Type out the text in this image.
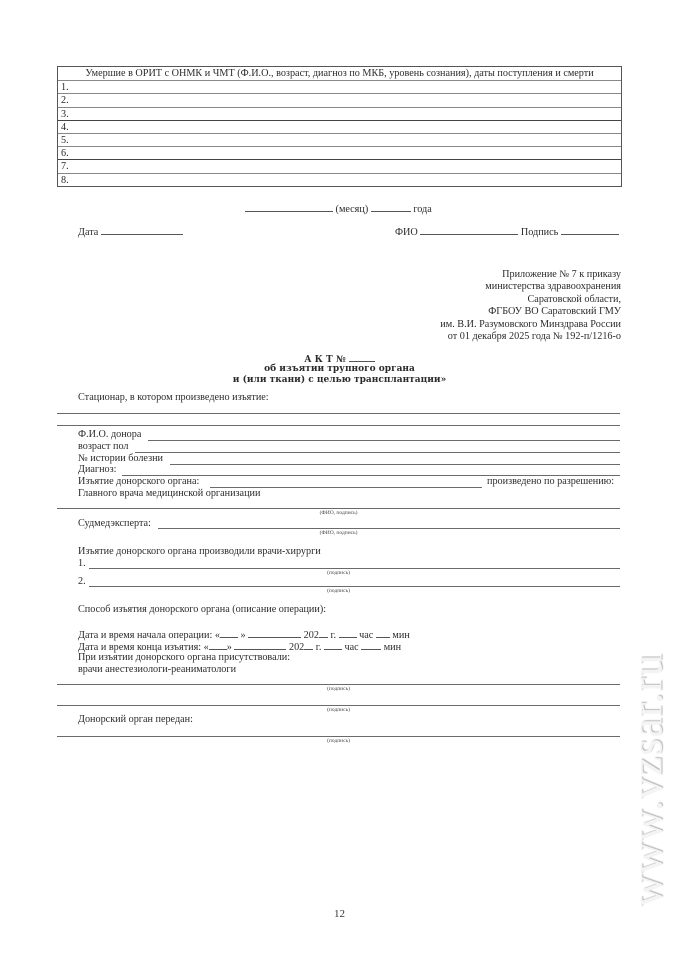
Умершие в ОРИТ с ОНМК и ЧМТ (Ф.И.О., возраст, диагноз по МКБ, уровень сознания), даты поступления и смерти
1.
2.
3.
4.
5.
6.
7.
8.
(месяц)	года
Дата	ФИО	Подпись
Приложение № 7 к приказу
министерства здравоохранения
Саратовской области,
ФГБОУ ВО Саратовский ГМУ
им. В.И. Разумовского Минздрава России
от 01 декабря 2025 года № 192-п/1216-о
А К Т №
об изъятии трупного органа
и (или ткани) с целью трансплантации»
Стационар, в котором произведено изъятие:
Ф.И.О. донора
возраст пол
№ истории болезни
Диагноз:
Изъятие донорского органа:	произведено по разрешению:
Главного врача медицинской организации
(ФИО, подпись)
Судмедэксперта:
(ФИО, подпись)
Изъятие донорского органа производили врачи-хирурги
1.
(подпись)
2.
(подпись)
Способ изъятия донорского органа (описание операции):
Дата и время начала операции: « »	202 г. час мин
Дата и время конца изъятия: « »	202 г. час мин
При изъятии донорского органа присутствовали:
врачи анестезиологи-реаниматологи
(подпись)
(подпись)
Донорский орган передан:
(подпись)
12
www.vzsar.ru
